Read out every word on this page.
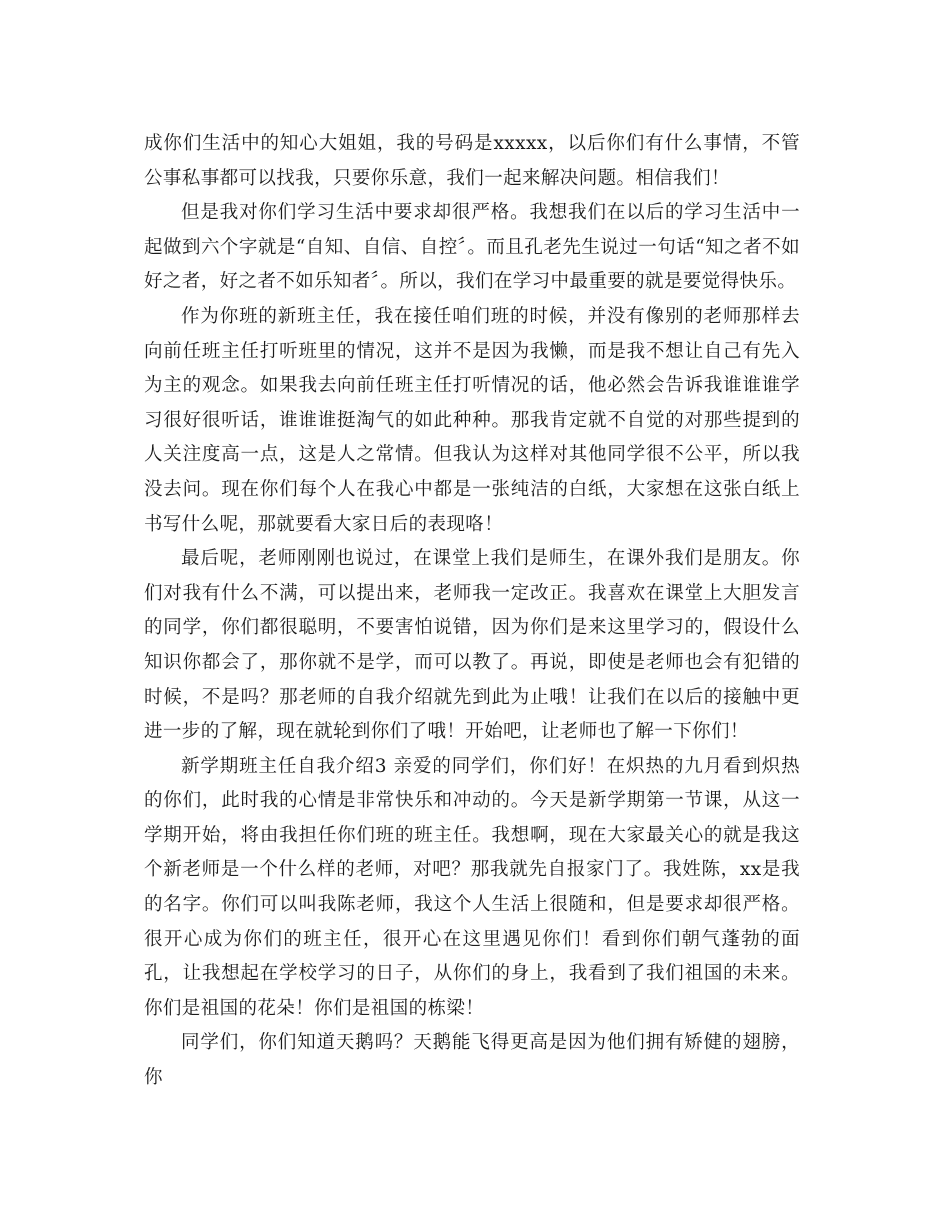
成你们生活中的知心大姐姐，我的号码是xxxxx，以后你们有什么事情，不管公事私事都可以找我，只要你乐意，我们一起来解决问题。相信我们！

但是我对你们学习生活中要求却很严格。我想我们在以后的学习生活中一起做到六个字就是“自知、自信、自控〞。而且孔老先生说过一句话“知之者不如好之者，好之者不如乐知者〞。所以，我们在学习中最重要的就是要觉得快乐。

作为你班的新班主任，我在接任咱们班的时候，并没有像别的老师那样去向前任班主任打听班里的情况，这并不是因为我懒，而是我不想让自己有先入为主的观念。如果我去向前任班主任打听情况的话，他必然会告诉我谁谁谁学习很好很听话，谁谁谁挺淘气的如此种种。那我肯定就不自觉的对那些提到的人关注度高一点，这是人之常情。但我认为这样对其他同学很不公平，所以我没去问。现在你们每个人在我心中都是一张纯洁的白纸，大家想在这张白纸上书写什么呢，那就要看大家日后的表现咯！

最后呢，老师刚刚也说过，在课堂上我们是师生，在课外我们是朋友。你们对我有什么不满，可以提出来，老师我一定改正。我喜欢在课堂上大胆发言的同学，你们都很聪明，不要害怕说错，因为你们是来这里学习的，假设什么知识你都会了，那你就不是学，而可以教了。再说，即使是老师也会有犯错的时候，不是吗？那老师的自我介绍就先到此为止哦！让我们在以后的接触中更进一步的了解，现在就轮到你们了哦！开始吧，让老师也了解一下你们！

新学期班主任自我介绍3 亲爱的同学们，你们好！在炽热的九月看到炽热的你们，此时我的心情是非常快乐和冲动的。今天是新学期第一节课，从这一学期开始，将由我担任你们班的班主任。我想啊，现在大家最关心的就是我这个新老师是一个什么样的老师，对吧？那我就先自报家门了。我姓陈，xx是我的名字。你们可以叫我陈老师，我这个人生活上很随和，但是要求却很严格。很开心成为你们的班主任，很开心在这里遇见你们！看到你们朝气蓬勃的面孔，让我想起在学校学习的日子，从你们的身上，我看到了我们祖国的未来。你们是祖国的花朵！你们是祖国的栋梁！

同学们，你们知道天鹅吗？天鹅能飞得更高是因为他们拥有矫健的翅膀，你
